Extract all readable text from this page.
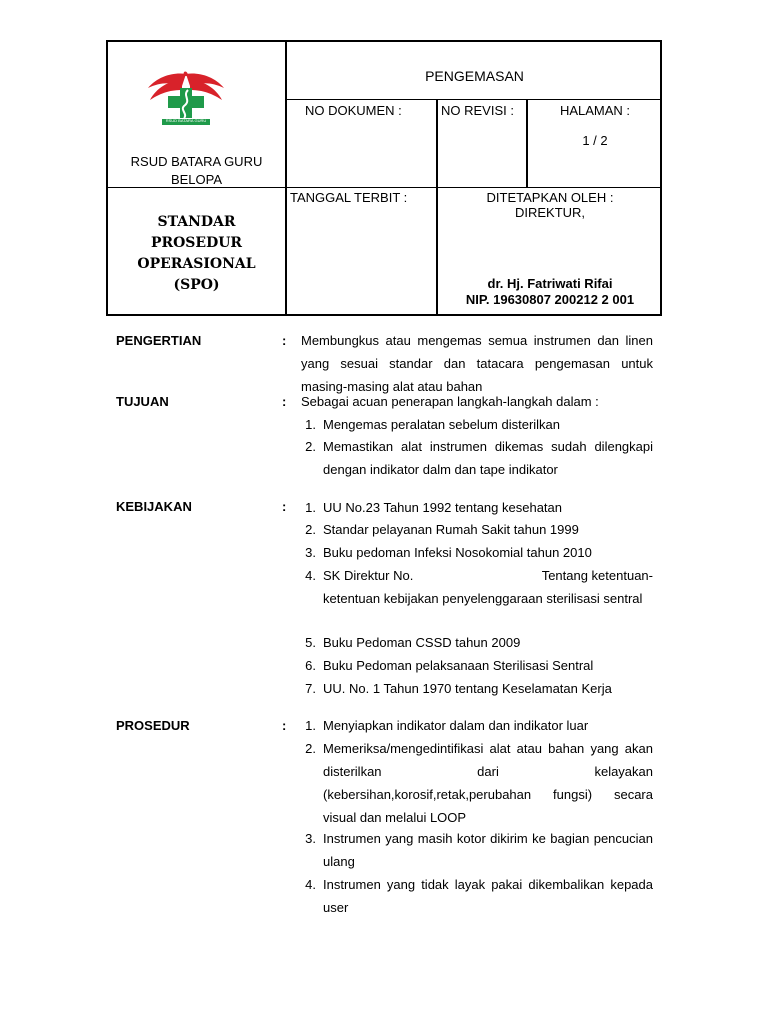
RSUD BATARA GURU
RSUD BATARA GURU
BELOPA
PENGEMASAN
NO DOKUMEN :	NO REVISI :	HALAMAN :
1 / 2
STANDAR
PROSEDUR
OPERASIONAL
(SPO)
TANGGAL TERBIT :	DITETAPKAN OLEH :
DIREKTUR,
dr. Hj. Fatriwati Rifai
NIP. 19630807 200212 2 001
PENGERTIAN	: Membungkus atau mengemas semua instrumen dan linen yang sesuai standar dan tatacara pengemasan untuk masing-masing alat atau bahan
TUJUAN	: Sebagai acuan penerapan langkah-langkah dalam :
1. Mengemas peralatan sebelum disterilkan
2. Memastikan alat instrumen dikemas sudah dilengkapi dengan indikator dalm dan tape indikator
KEBIJAKAN	:	1. UU No.23 Tahun 1992 tentang kesehatan
2. Standar pelayanan Rumah Sakit tahun 1999
3. Buku pedoman Infeksi Nosokomial tahun 2010
4. SK Direktur No.	Tentang ketentuan-
ketentuan kebijakan penyelenggaraan sterilisasi sentral
5. Buku Pedoman CSSD tahun 2009
6. Buku Pedoman pelaksanaan Sterilisasi Sentral
7. UU. No. 1 Tahun 1970 tentang Keselamatan Kerja
PROSEDUR	:	1. Menyiapkan indikator dalam dan indikator luar
2. Memeriksa/mengedintifikasi alat atau bahan yang akan disterilkan dari kelayakan (kebersihan,korosif,retak,perubahan fungsi) secara visual dan melalui LOOP
3. Instrumen yang masih kotor dikirim ke bagian pencucian ulang
4. Instrumen yang tidak layak pakai dikembalikan kepada user
